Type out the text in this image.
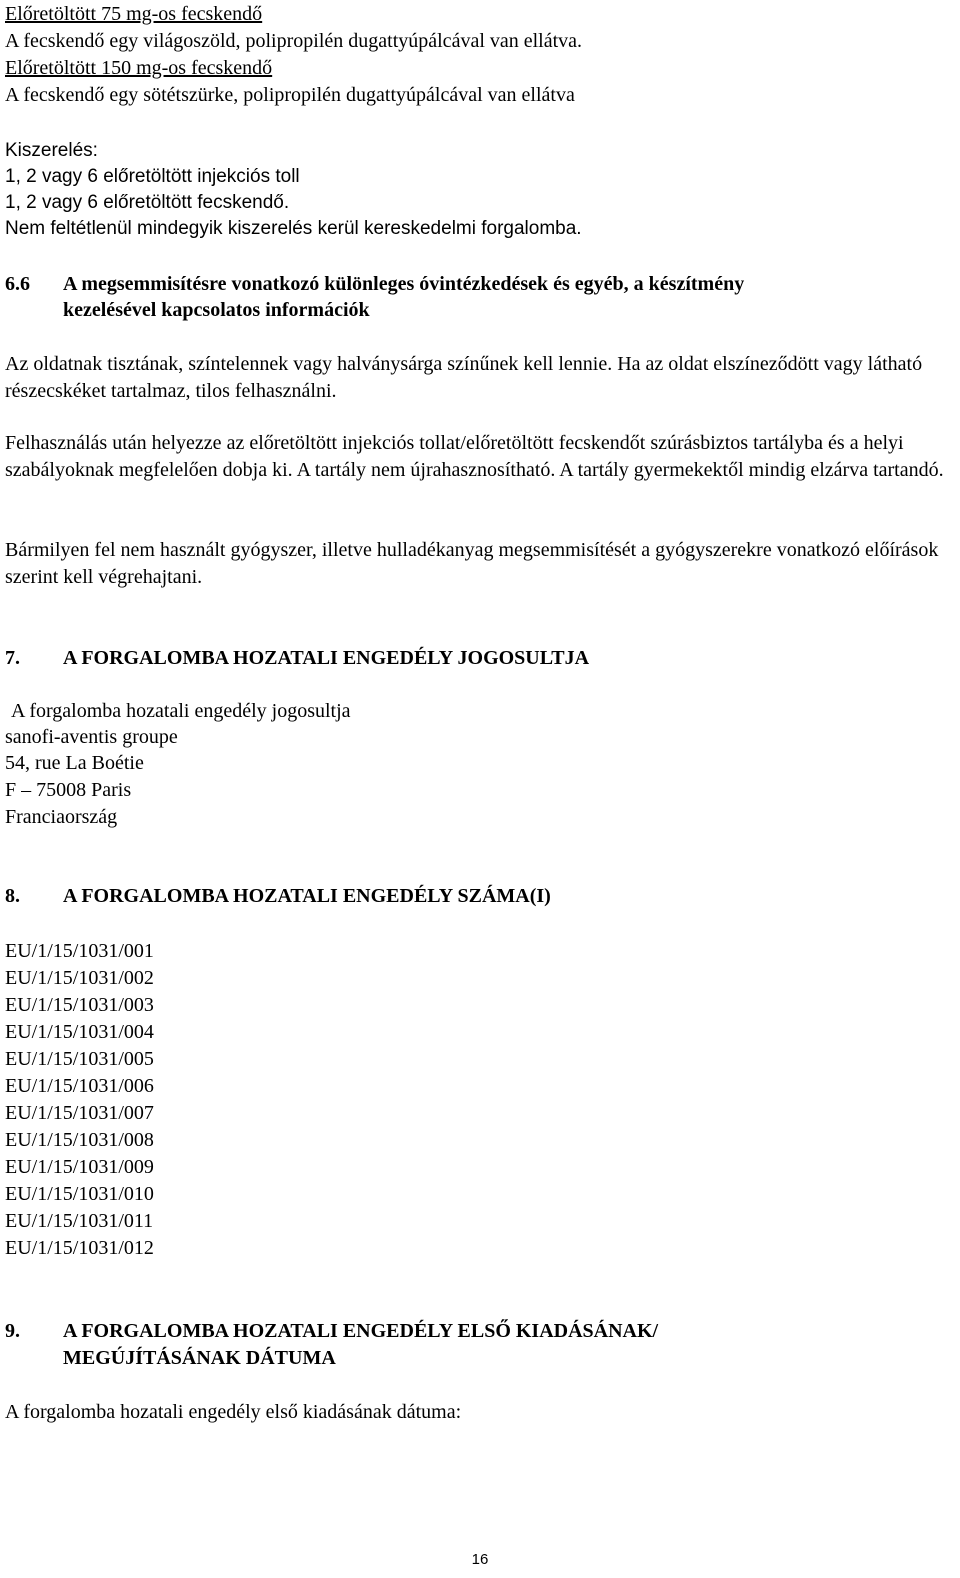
Előretöltött 75 mg-os fecskendő
A fecskendő egy világoszöld, polipropilén dugattyúpálcával van ellátva.
Előretöltött 150 mg-os fecskendő
A fecskendő egy sötétszürke, polipropilén dugattyúpálcával van ellátva
Kiszerelés:
1, 2 vagy 6 előretöltött injekciós toll
1, 2 vagy 6 előretöltött fecskendő.
Nem feltétlenül mindegyik kiszerelés kerül kereskedelmi forgalomba.
6.6 A megsemmisítésre vonatkozó különleges óvintézkedések és egyéb, a készítmény
kezelésével kapcsolatos információk
Az oldatnak tisztának, színtelennek vagy halványsárga színűnek kell lennie. Ha az oldat elszíneződött vagy látható részecskéket tartalmaz, tilos felhasználni.
Felhasználás után helyezze az előretöltött injekciós tollat/előretöltött fecskendőt szúrásbiztos tartályba és a helyi szabályoknak megfelelően dobja ki. A tartály nem újrahasznosítható. A tartály gyermekektől mindig elzárva tartandó.
Bármilyen fel nem használt gyógyszer, illetve hulladékanyag megsemmisítését a gyógyszerekre vonatkozó előírások szerint kell végrehajtani.
7. A FORGALOMBA HOZATALI ENGEDÉLY JOGOSULTJA
A forgalomba hozatali engedély jogosultja
sanofi-aventis groupe
54, rue La Boétie
F – 75008 Paris
Franciaország
8. A FORGALOMBA HOZATALI ENGEDÉLY SZÁMA(I)
EU/1/15/1031/001
EU/1/15/1031/002
EU/1/15/1031/003
EU/1/15/1031/004
EU/1/15/1031/005
EU/1/15/1031/006
EU/1/15/1031/007
EU/1/15/1031/008
EU/1/15/1031/009
EU/1/15/1031/010
EU/1/15/1031/011
EU/1/15/1031/012
9. A FORGALOMBA HOZATALI ENGEDÉLY ELSŐ KIADÁSÁNAK/
MEGÚJÍTÁSÁNAK DÁTUMA
A forgalomba hozatali engedély első kiadásának dátuma:
16
